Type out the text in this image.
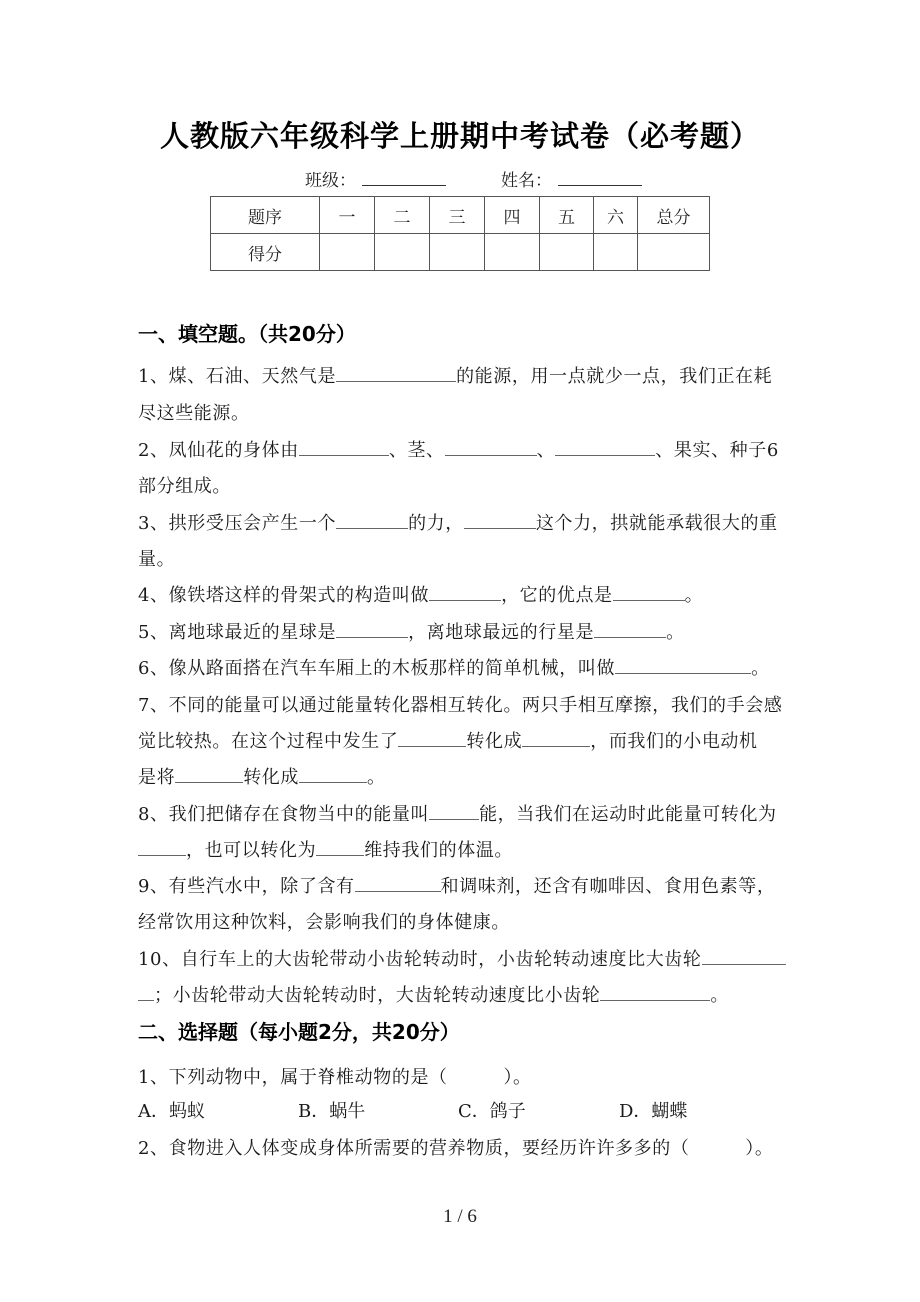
人教版六年级科学上册期中考试卷（必考题）
班级：	姓名：
题序	一	二	三	四	五	六	总分
得分							
一、填空题。（共20分）
1、煤、石油、天然气是	的能源，用一点就少一点，我们正在耗
尽这些能源。
2、凤仙花的身体由	、茎、	、	、果实、种子6
部分组成。
3、拱形受压会产生一个	的力，	这个力，拱就能承载很大的重
量。
4、像铁塔这样的骨架式的构造叫做	，它的优点是	。
5、离地球最近的星球是	，离地球最远的行星是	。
6、像从路面搭在汽车车厢上的木板那样的简单机械，叫做	。
7、不同的能量可以通过能量转化器相互转化。两只手相互摩擦，我们的手会感
觉比较热。在这个过程中发生了	转化成	，而我们的小电动机
是将	转化成	。
8、我们把储存在食物当中的能量叫	能，当我们在运动时此能量可转化为
，也可以转化为	维持我们的体温。
9、有些汽水中，除了含有	和调味剂，还含有咖啡因、食用色素等，
经常饮用这种饮料，会影响我们的身体健康。
10、自行车上的大齿轮带动小齿轮转动时，小齿轮转动速度比大齿轮
；小齿轮带动大齿轮转动时，大齿轮转动速度比小齿轮	。
二、选择题（每小题2分，共20分）
1、下列动物中，属于脊椎动物的是（　　　）。
A．蚂蚁	B．蜗牛	C．鸽子	D．蝴蝶
2、食物进入人体变成身体所需要的营养物质，要经历许许多多的（　　　）。
1 / 6
